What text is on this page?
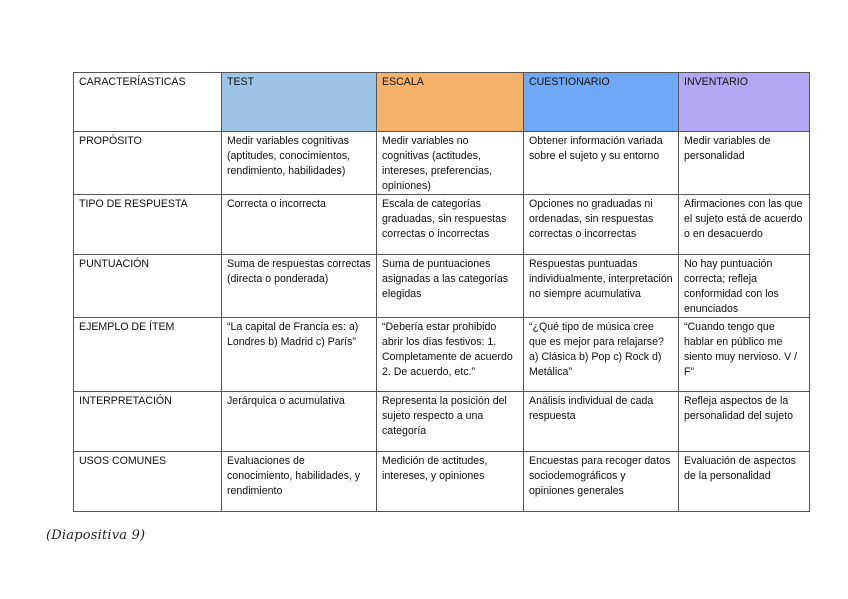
CARACTERÍASTICAS	TEST	ESCALA	CUESTIONARIO	INVENTARIO
PROPÓSITO	Medir variables cognitivas (aptitudes, conocimientos, rendimiento, habilidades)	Medir variables no cognitivas (actitudes, intereses, preferencias, opiniones)	Obtener información variada sobre el sujeto y su entorno	Medir variables de personalidad
TIPO DE RESPUESTA	Correcta o incorrecta	Escala de categorías graduadas, sin respuestas correctas o incorrectas	Opciones no graduadas ni ordenadas, sin respuestas correctas o incorrectas	Afirmaciones con las que el sujeto está de acuerdo o en desacuerdo
PUNTUACIÓN	Suma de respuestas correctas (directa o ponderada)	Suma de puntuaciones asignadas a las categorías elegidas	Respuestas puntuadas individualmente, interpretación no siempre acumulativa	No hay puntuación correcta; refleja conformidad con los enunciados
EJEMPLO DE ÍTEM	“La capital de Francia es: a) Londres b) Madrid c) París”	“Debería estar prohibido abrir los días festivos: 1. Completamente de acuerdo 2. De acuerdo, etc.”	“¿Qué tipo de música cree que es mejor para relajarse? a) Clásica b) Pop c) Rock d) Metálica”	“Cuando tengo que hablar en público me siento muy nervioso. V / F”
INTERPRETACIÓN	Jerárquica o acumulativa	Representa la posición del sujeto respecto a una categoría	Análisis individual de cada respuesta	Refleja aspectos de la personalidad del sujeto
USOS COMUNES	Evaluaciones de conocimiento, habilidades, y rendimiento	Medición de actitudes, intereses, y opiniones	Encuestas para recoger datos sociodemográficos y opiniones generales	Evaluación de aspectos de la personalidad
(Diapositiva 9)
